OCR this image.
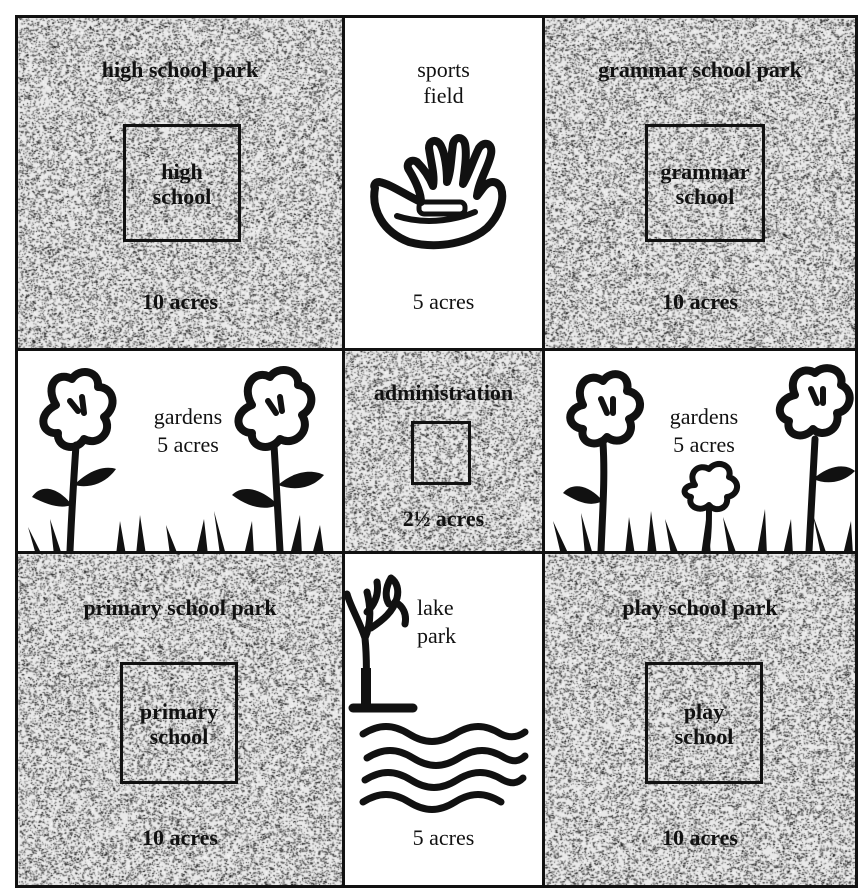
high school park
high
school
10 acres
sports
field
5 acres
grammar school park
grammar
school
10 acres
gardens
5 acres
administration
2½ acres
gardens
5 acres
primary school park
primary
school
10 acres
lake
park
5 acres
play school park
play
school
10 acres
